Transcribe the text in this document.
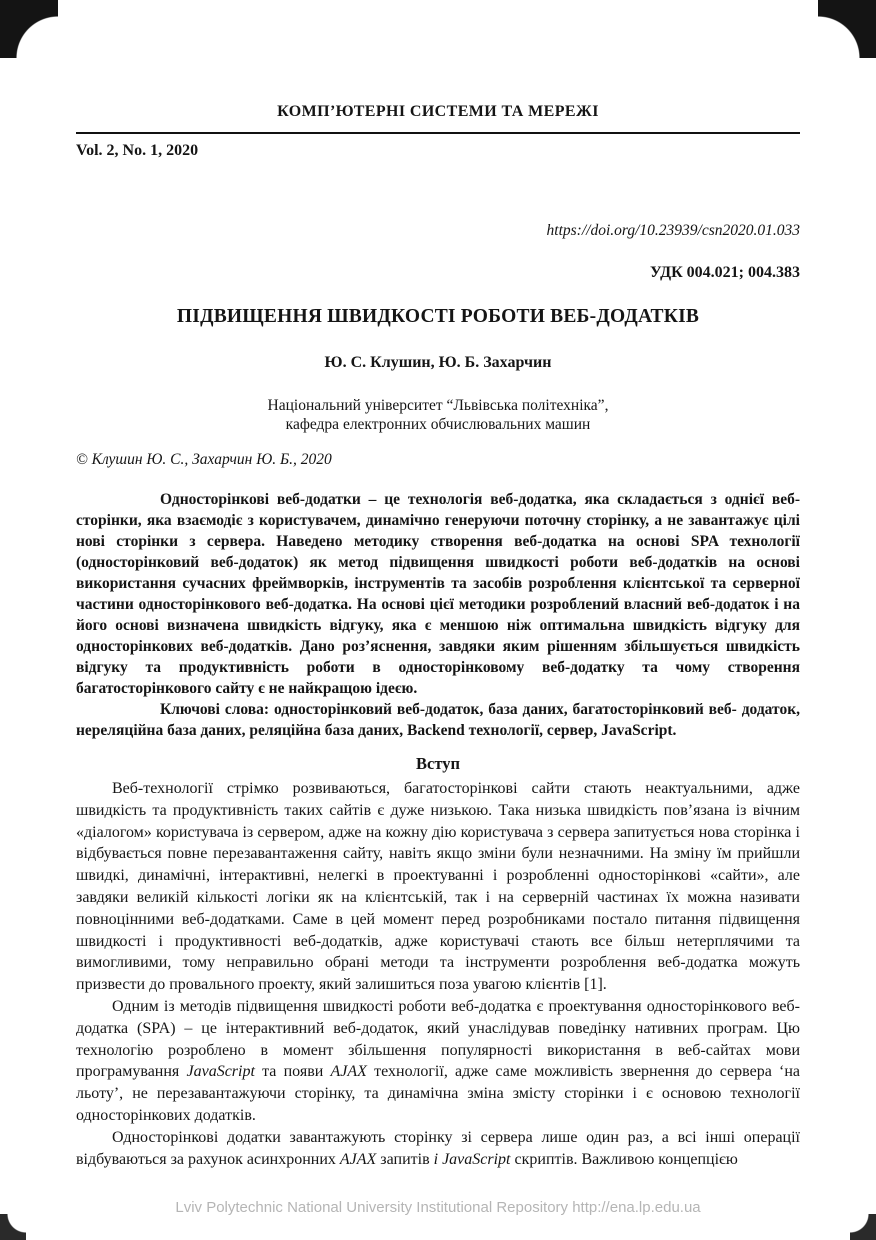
КОМП’ЮТЕРНІ СИСТЕМИ ТА МЕРЕЖІ
Vol. 2, No. 1, 2020
https://doi.org/10.23939/csn2020.01.033
УДК 004.021; 004.383
ПІДВИЩЕННЯ ШВИДКОСТІ РОБОТИ ВЕБ-ДОДАТКІВ
Ю. С. Клушин, Ю. Б. Захарчин
Національний університет “Львівська політехніка”,
кафедра електронних обчислювальних машин
© Клушин Ю. С., Захарчин Ю. Б., 2020
Односторінкові веб-додатки – це технологія веб-додатка, яка складається з однієї веб-сторінки, яка взаємодіє з користувачем, динамічно генеруючи поточну сторінку, а не завантажує цілі нові сторінки з сервера. Наведено методику створення веб-додатка на основі SPA технології (односторінковий веб-додаток) як метод підвищення швидкості роботи веб-додатків на основі використання сучасних фреймворків, інструментів та засобів розроблення клієнтської та серверної частини односторінкового веб-додатка. На основі цієї методики розроблений власний веб-додаток і на його основі визначена швидкість відгуку, яка є меншою ніж оптимальна швидкість відгуку для односторінкових веб-додатків. Дано роз’яснення, завдяки яким рішенням збільшується швидкість відгуку та продуктивність роботи в односторінковому веб-додатку та чому створення багатосторінкового сайту є не найкращою ідеєю.
Ключові слова: односторінковий веб-додаток, база даних, багатосторінковий веб- додаток, нереляційна база даних, реляційна база даних, Backend технології, сервер, JavaScript.
Вступ

Веб-технології стрімко розвиваються, багатосторінкові сайти стають неактуальними, адже швидкість та продуктивність таких сайтів є дуже низькою. Така низька швидкість пов’язана із вічним «діалогом» користувача із сервером, адже на кожну дію користувача з сервера запитується нова сторінка і відбувається повне перезавантаження сайту, навіть якщо зміни були незначними. На зміну їм прийшли швидкі, динамічні, інтерактивні, нелегкі в проектуванні і розробленні односторінкові «сайти», але завдяки великій кількості логіки як на клієнтській, так і на серверній частинах їх можна називати повноцінними веб-додатками. Саме в цей момент перед розробниками постало питання підвищення швидкості і продуктивності веб-додатків, адже користувачі стають все більш нетерплячими та вимогливими, тому неправильно обрані методи та інструменти розроблення веб-додатка можуть призвести до провального проекту, який залишиться поза увагою клієнтів [1].

Одним із методів підвищення швидкості роботи веб-додатка є проектування односторінкового веб-додатка (SPA) – це інтерактивний веб-додаток, який унаслідував поведінку нативних програм. Цю технологію розроблено в момент збільшення популярності використання в веб-сайтах мови програмування JavaScript та появи AJAX технології, адже саме можливість звернення до сервера ‘на льоту’, не перезавантажуючи сторінку, та динамічна зміна змісту сторінки і є основою технології односторінкових додатків.

Односторінкові додатки завантажують сторінку зі сервера лише один раз, а всі інші операції відбуваються за рахунок асинхронних AJAX запитів і JavaScript скриптів. Важливою концепцією

Lviv Polytechnic National University Institutional Repository http://ena.lp.edu.ua
